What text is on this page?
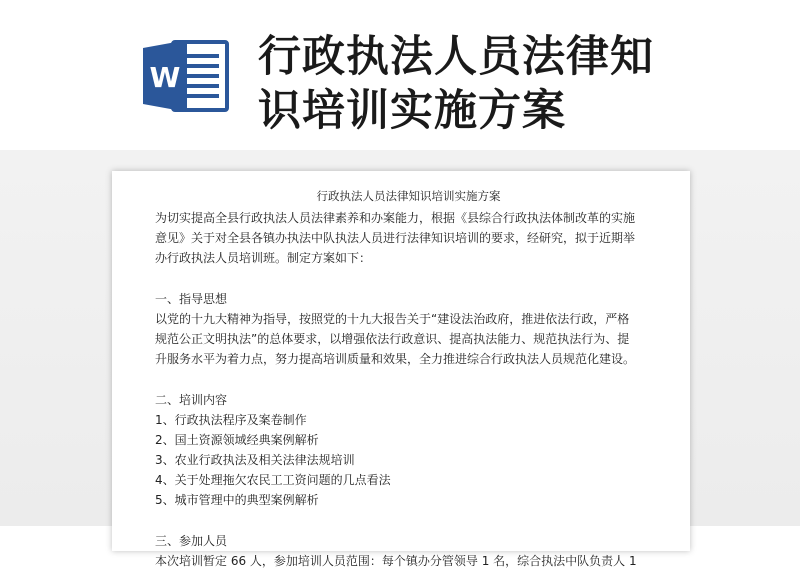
W 行政执法人员法律知
识培训实施方案
行政执法人员法律知识培训实施方案
为切实提高全县行政执法人员法律素养和办案能力，根据《县综合行政执法体制改革的实施
意见》关于对全县各镇办执法中队执法人员进行法律知识培训的要求，经研究，拟于近期举
办行政执法人员培训班。制定方案如下：
一、指导思想
以党的十九大精神为指导，按照党的十九大报告关于“建设法治政府，推进依法行政，严格
规范公正文明执法”的总体要求，以增强依法行政意识、提高执法能力、规范执法行为、提
升服务水平为着力点，努力提高培训质量和效果，全力推进综合行政执法人员规范化建设。
二、培训内容
1、行政执法程序及案卷制作
2、国土资源领域经典案例解析
3、农业行政执法及相关法律法规培训
4、关于处理拖欠农民工工资问题的几点看法
5、城市管理中的典型案例解析
三、参加人员
本次培训暂定 66 人，参加培训人员范围：每个镇办分管领导 1 名，综合执法中队负责人 1
